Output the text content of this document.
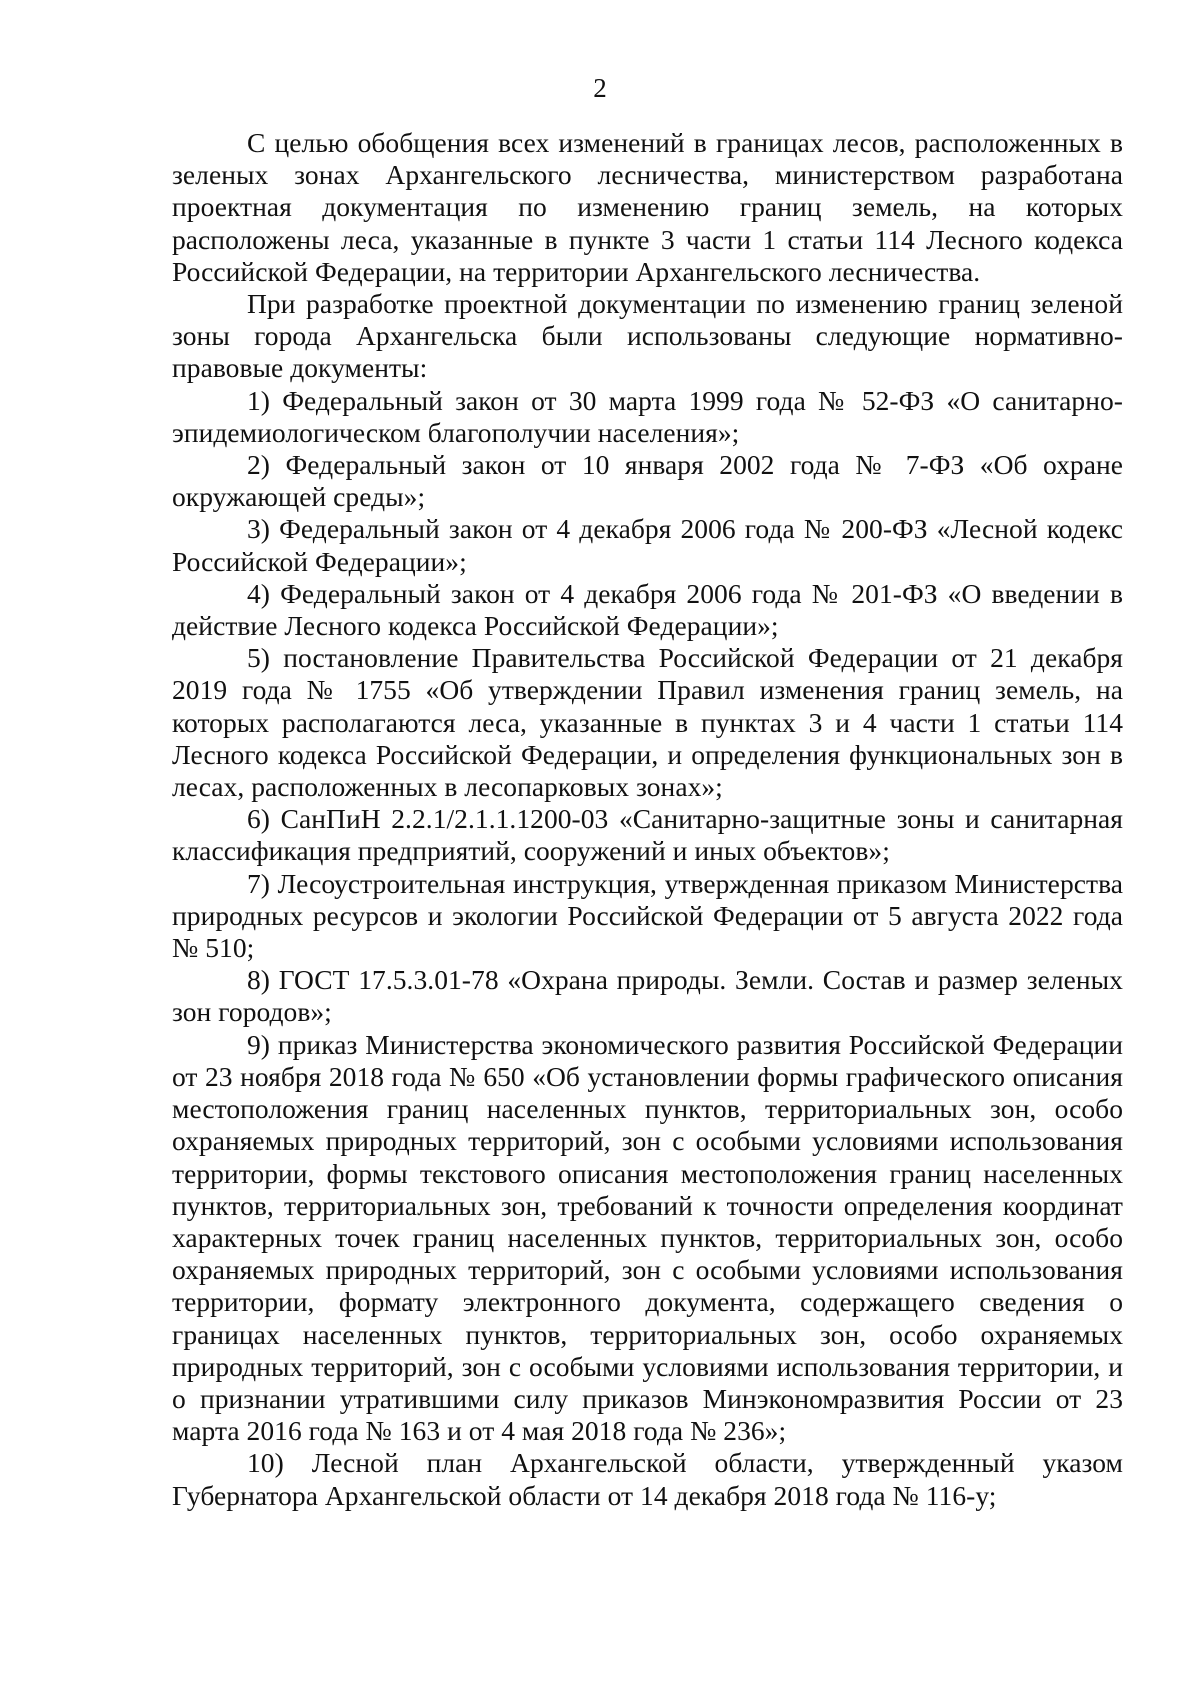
2

С целью обобщения всех изменений в границах лесов, расположенных в зеленых зонах Архангельского лесничества, министерством разработана проектная документация по изменению границ земель, на которых расположены леса, указанные в пункте 3 части 1 статьи 114 Лесного кодекса Российской Федерации, на территории Архангельского лесничества.

При разработке проектной документации по изменению границ зеленой зоны города Архангельска были использованы следующие нормативно-правовые документы:

1) Федеральный закон от 30 марта 1999 года № 52-ФЗ «О санитарно-эпидемиологическом благополучии населения»;

2) Федеральный закон от 10 января 2002 года № 7-ФЗ «Об охране окружающей среды»;

3) Федеральный закон от 4 декабря 2006 года № 200-ФЗ «Лесной кодекс Российской Федерации»;

4) Федеральный закон от 4 декабря 2006 года № 201-ФЗ «О введении в действие Лесного кодекса Российской Федерации»;

5) постановление Правительства Российской Федерации от 21 декабря 2019 года № 1755 «Об утверждении Правил изменения границ земель, на которых располагаются леса, указанные в пунктах 3 и 4 части 1 статьи 114 Лесного кодекса Российской Федерации, и определения функциональных зон в лесах, расположенных в лесопарковых зонах»;

6) СанПиН 2.2.1/2.1.1.1200-03 «Санитарно-защитные зоны и санитарная классификация предприятий, сооружений и иных объектов»;

7) Лесоустроительная инструкция, утвержденная приказом Министерства природных ресурсов и экологии Российской Федерации от 5 августа 2022 года № 510;

8) ГОСТ 17.5.3.01-78 «Охрана природы. Земли. Состав и размер зеленых зон городов»;

9) приказ Министерства экономического развития Российской Федерации от 23 ноября 2018 года № 650 «Об установлении формы графического описания местоположения границ населенных пунктов, территориальных зон, особо охраняемых природных территорий, зон с особыми условиями использования территории, формы текстового описания местоположения границ населенных пунктов, территориальных зон, требований к точности определения координат характерных точек границ населенных пунктов, территориальных зон, особо охраняемых природных территорий, зон с особыми условиями использования территории, формату электронного документа, содержащего сведения о границах населенных пунктов, территориальных зон, особо охраняемых природных территорий, зон с особыми условиями использования территории, и о признании утратившими силу приказов Минэкономразвития России от 23 марта 2016 года № 163 и от 4 мая 2018 года № 236»;

10) Лесной план Архангельской области, утвержденный указом Губернатора Архангельской области от 14 декабря 2018 года № 116-у;
